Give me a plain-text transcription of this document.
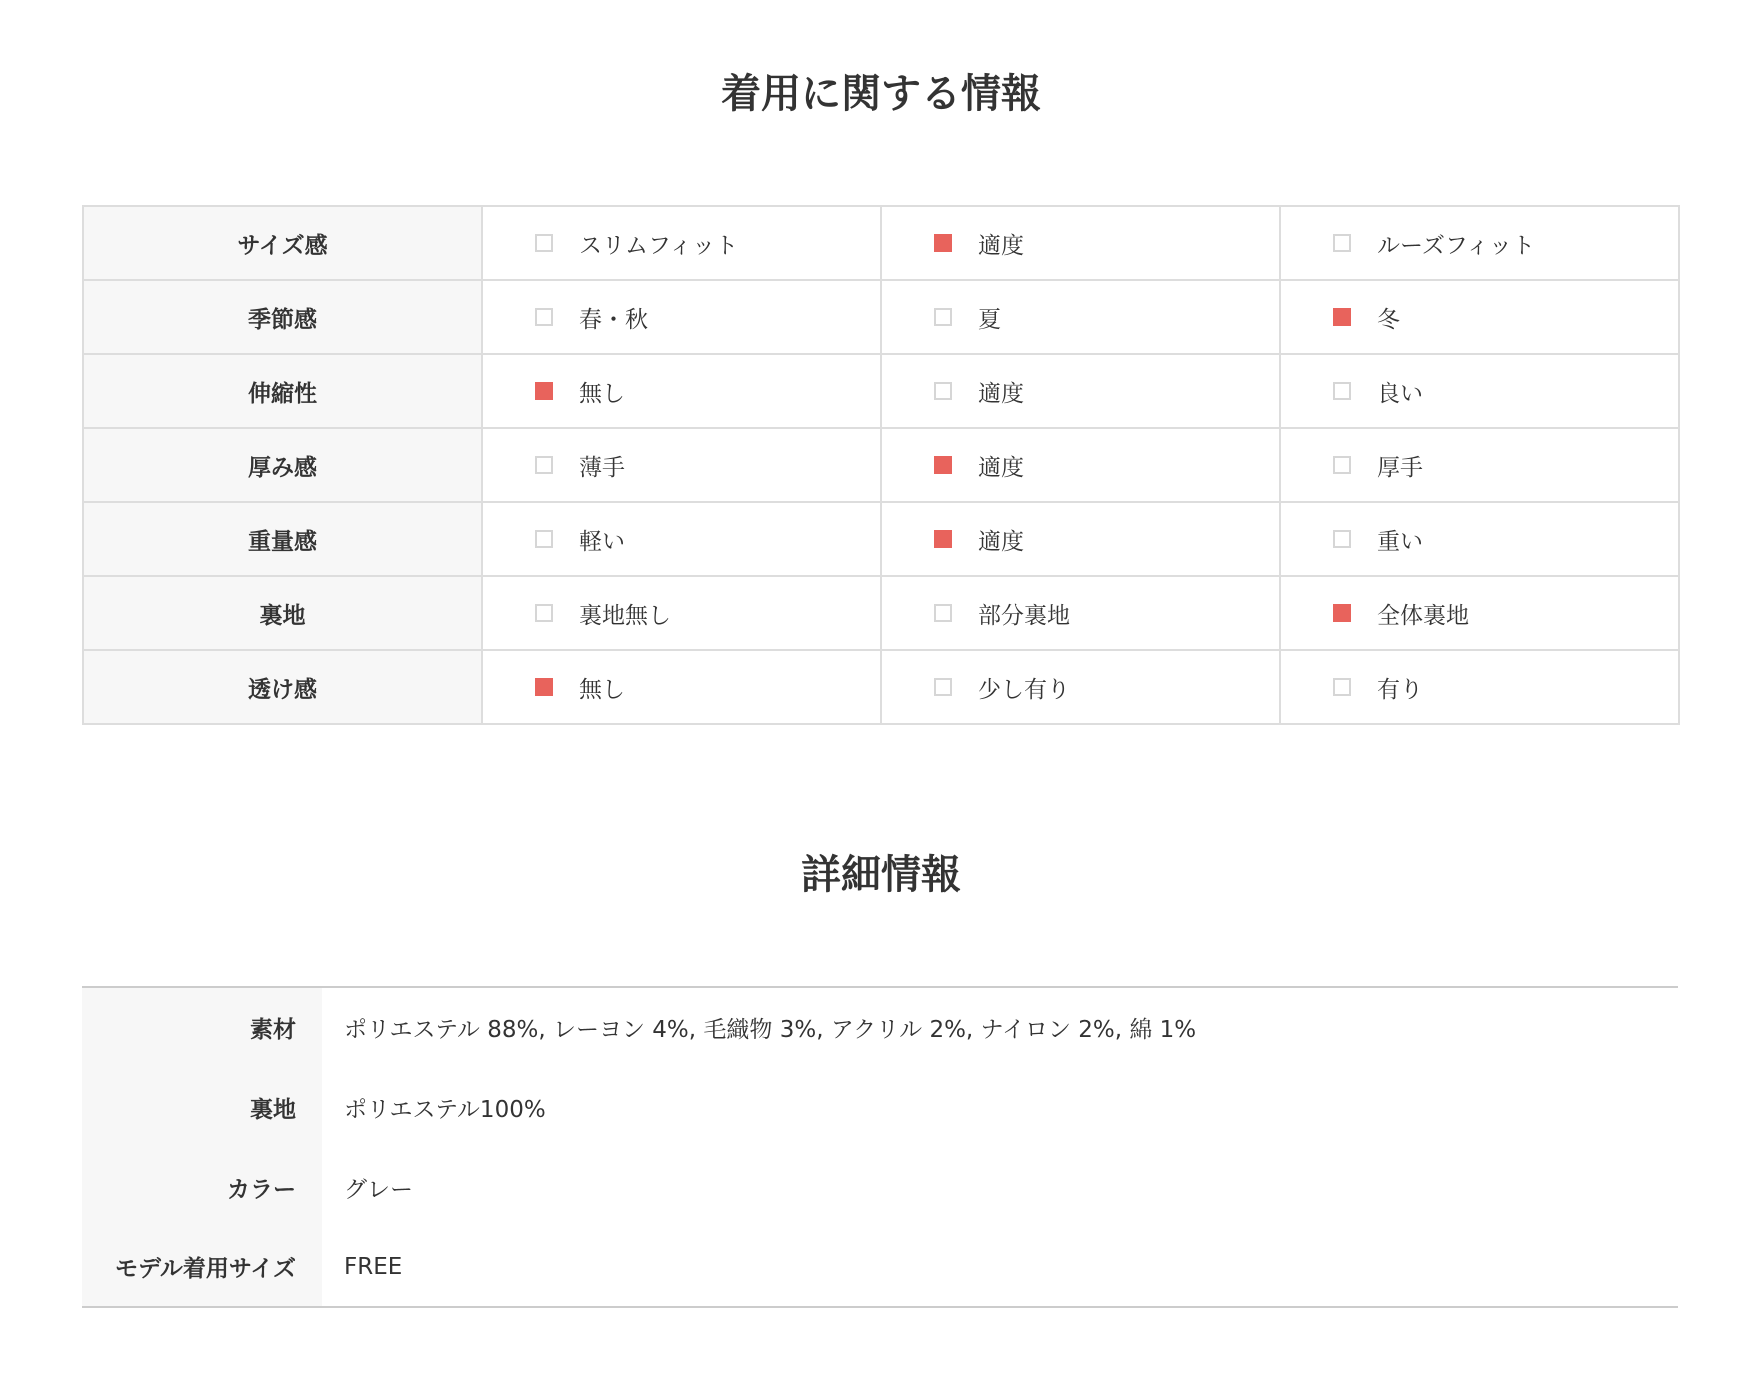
着用に関する情報
サイズ感	スリムフィット	適度	ルーズフィット

季節感	春・秋	夏	冬

伸縮性	無し	適度	良い

厚み感	薄手	適度	厚手

重量感	軽い	適度	重い

裏地	裏地無し	部分裏地	全体裏地

透け感	無し	少し有り	有り
詳細情報
素材	ポリエステル 88%, レーヨン 4%, 毛織物 3%, アクリル 2%, ナイロン 2%, 綿 1%
裏地	ポリエステル100%
カラー	グレー
モデル着用サイズ	FREE
